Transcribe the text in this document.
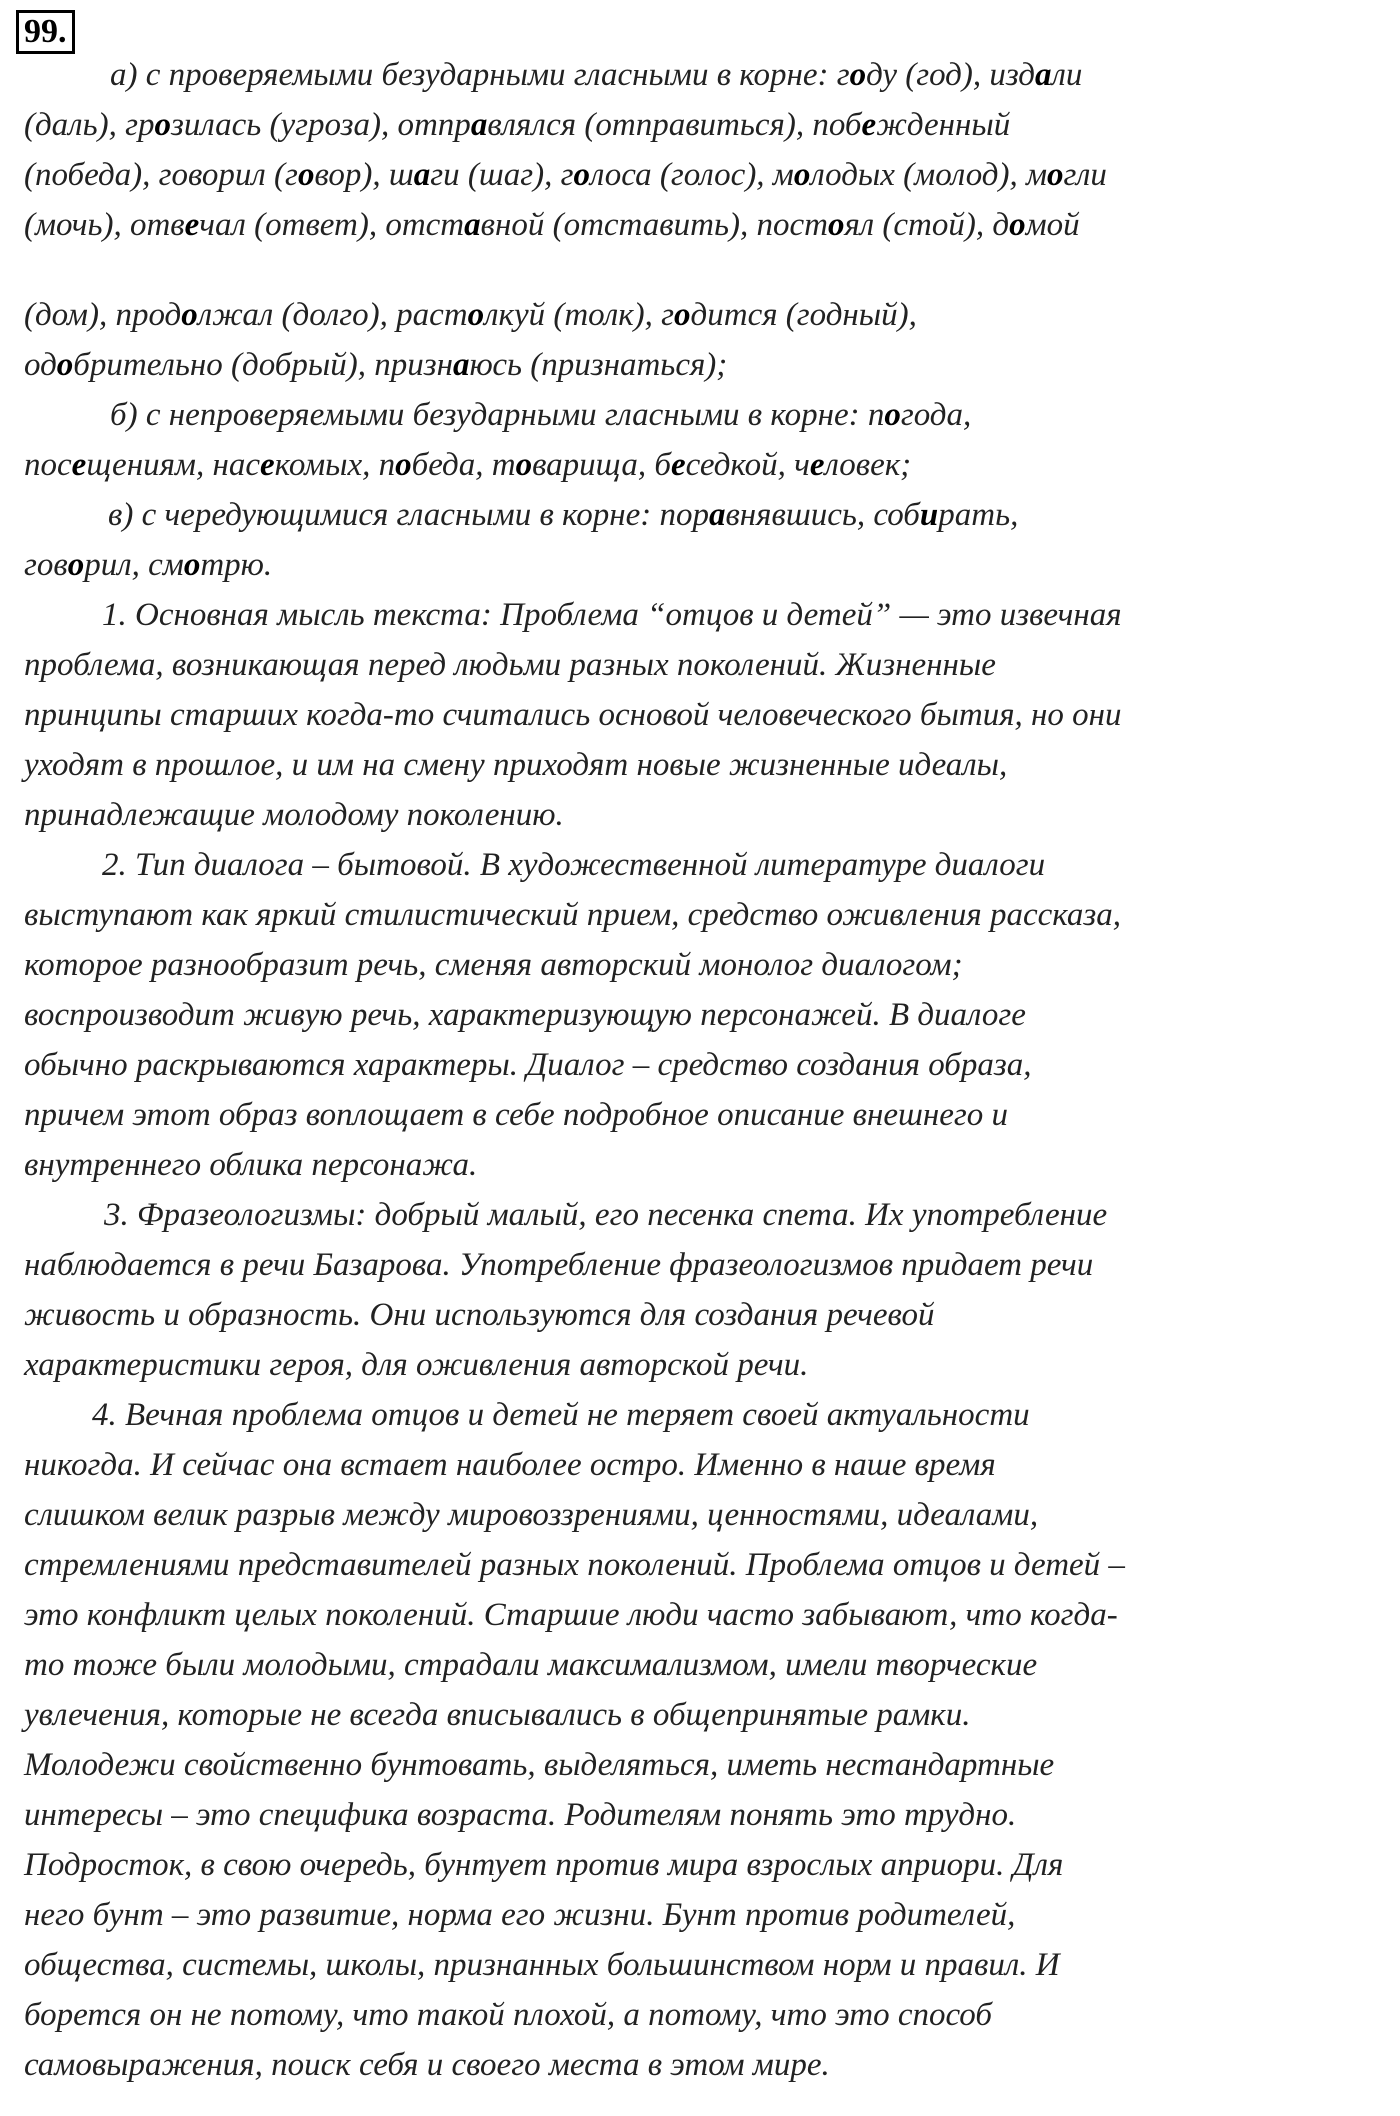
99.
а) с проверяемыми безударными гласными в корне: году (год), издали
(даль), грозилась (угроза), отправлялся (отправиться), побежденный
(победа), говорил (говор), шаги (шаг), голоса (голос), молодых (молод), могли
(мочь), отвечал (ответ), отставной (отставить), постоял (стой), домой
(дом), продолжал (долго), растолкуй (толк), годится (годный),
одобрительно (добрый), признаюсь (признаться);
б) с непроверяемыми безударными гласными в корне: погода,
посещениям, насекомых, победа, товарища, беседкой, человек;
в) с чередующимися гласными в корне: поравнявшись, собирать,
говорил, смотрю.
1. Основная мысль текста: Проблема “отцов и детей” — это извечная
проблема, возникающая перед людьми разных поколений. Жизненные
принципы старших когда-то считались основой человеческого бытия, но они
уходят в прошлое, и им на смену приходят новые жизненные идеалы,
принадлежащие молодому поколению.
2. Тип диалога – бытовой. В художественной литературе диалоги
выступают как яркий стилистический прием, средство оживления рассказа,
которое разнообразит речь, сменяя авторский монолог диалогом;
воспроизводит живую речь, характеризующую персонажей. В диалоге
обычно раскрываются характеры. Диалог – средство создания образа,
причем этот образ воплощает в себе подробное описание внешнего и
внутреннего облика персонажа.
3. Фразеологизмы: добрый малый, его песенка спета. Их употребление
наблюдается в речи Базарова. Употребление фразеологизмов придает речи
живость и образность. Они используются для создания речевой
характеристики героя, для оживления авторской речи.
4. Вечная проблема отцов и детей не теряет своей актуальности
никогда. И сейчас она встает наиболее остро. Именно в наше время
слишком велик разрыв между мировоззрениями, ценностями, идеалами,
стремлениями представителей разных поколений. Проблема отцов и детей –
это конфликт целых поколений. Старшие люди часто забывают, что когда-
то тоже были молодыми, страдали максимализмом, имели творческие
увлечения, которые не всегда вписывались в общепринятые рамки.
Молодежи свойственно бунтовать, выделяться, иметь нестандартные
интересы – это специфика возраста. Родителям понять это трудно.
Подросток, в свою очередь, бунтует против мира взрослых априори. Для
него бунт – это развитие, норма его жизни. Бунт против родителей,
общества, системы, школы, признанных большинством норм и правил. И
борется он не потому, что такой плохой, а потому, что это способ
самовыражения, поиск себя и своего места в этом мире.
